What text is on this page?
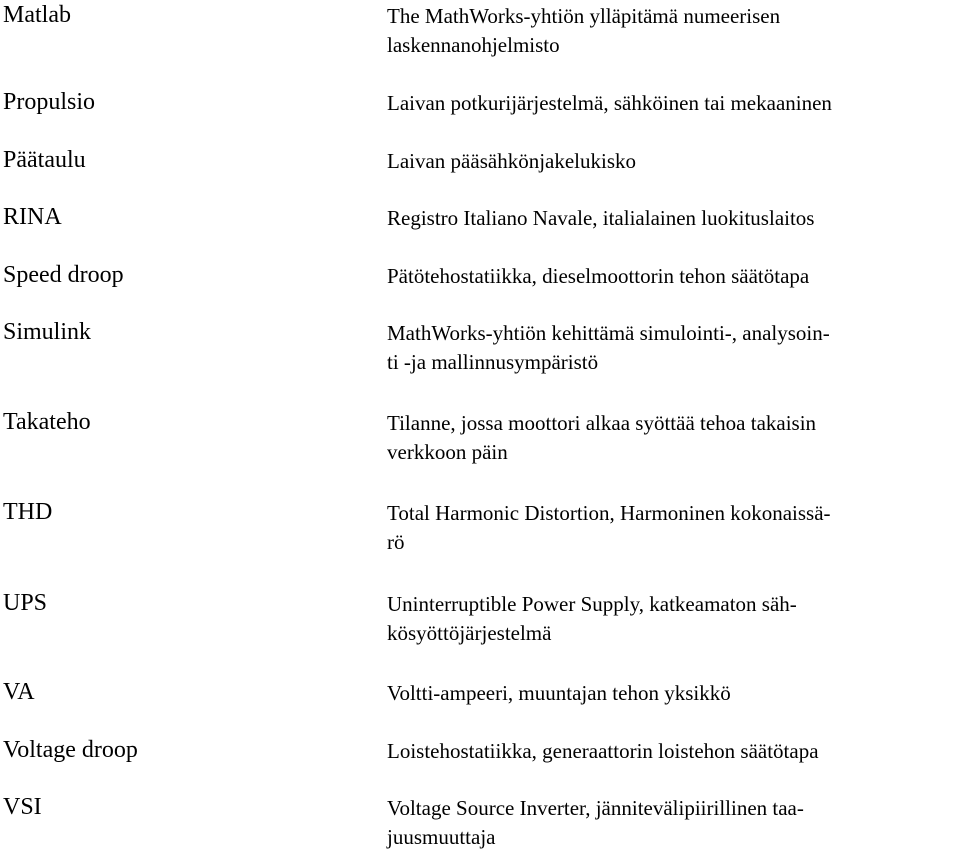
Matlab	The MathWorks-yhtiön ylläpitämä numeerisen
laskennanohjelmisto
Propulsio	Laivan potkurijärjestelmä, sähköinen tai mekaaninen
Päätaulu	Laivan pääsähkönjakelukisko
RINA	Registro Italiano Navale, italialainen luokituslaitos
Speed droop	Pätötehostatiikka, dieselmoottorin tehon säätötapa
Simulink	MathWorks-yhtiön kehittämä simulointi-, analysoin-
ti -ja mallinnusympäristö
Takateho	Tilanne, jossa moottori alkaa syöttää tehoa takaisin
verkkoon päin
THD	Total Harmonic Distortion, Harmoninen kokonaissä-
rö
UPS	Uninterruptible Power Supply, katkeamaton säh-
kösyöttöjärjestelmä
VA	Voltti-ampeeri, muuntajan tehon yksikkö
Voltage droop	Loistehostatiikka, generaattorin loistehon säätötapa
VSI	Voltage Source Inverter, jännitevälipiirillinen taa-
juusmuuttaja
